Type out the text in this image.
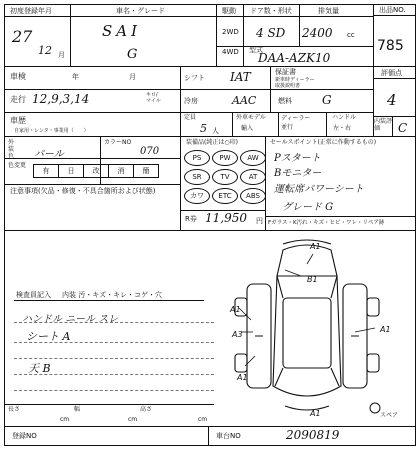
初度登録年月	車名・グレード	駆動 ドア数・形状	排気量	出品NO.
785
27
12 月
SAI
G
2WD
4WD
4 SD 2400 cc
型式
DAA-AZK10
評価点
4
内装評価	C
車検	年	月	シフト IAT	保証書
新車時ディーラー 取扱説明書
走行 12,9,3,14	キロ/マイル	冷房	AAC	燃料	G
車歴
自家用・レンタ・事業用（　　）
定員
5 人
外車モデル
輸入
ディーラー 並行
ハンドル
左・右
外装色	パール
カラーNO
070
色変更
有	日	改	消	簡
注意事項(欠品・修復・不具合箇所および状態)
装備品(純正は○印)
PS	PW	AW
SR	TV	AT
カワ	ETC	ABS
R券 11,950 円
セールスポイント(正常に作動するもの)
Pスタート
Bモニター
運転席パワーシート
グレード G
Fガラス・K汚れ・キズ・ヒビ・ワレ・リペア跡
検査員記入 内装 汚・キズ・キレ・コゲ・穴
ハンドル ニール スレ
シート A
天 B
A1
B1
A1
A3
A1
A1
A1	スペア
長さ
cm
幅
cm
高さ
cm
登録NO	車台NO	2090819
